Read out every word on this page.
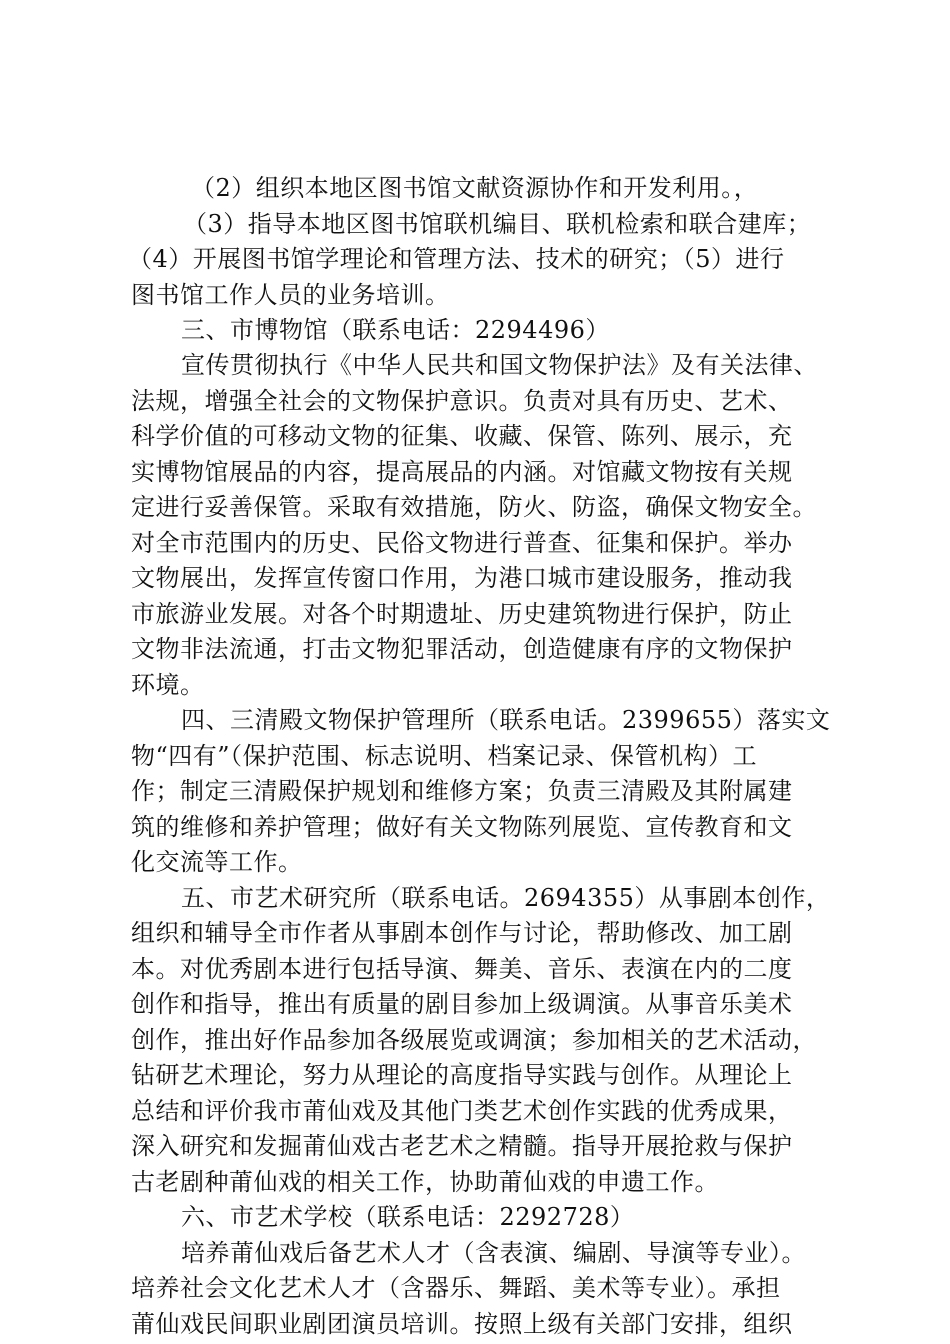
（2）组织本地区图书馆文献资源协作和开发利用。，
（3）指导本地区图书馆联机编目、联机检索和联合建库；
（4）开展图书馆学理论和管理方法、技术的研究；（5）进行
图书馆工作人员的业务培训。
三、市博物馆（联系电话：2294496）
宣传贯彻执行《中华人民共和国文物保护法》及有关法律、
法规，增强全社会的文物保护意识。负责对具有历史、艺术、
科学价值的可移动文物的征集、收藏、保管、陈列、展示，充
实博物馆展品的内容，提高展品的内涵。对馆藏文物按有关规
定进行妥善保管。采取有效措施，防火、防盗，确保文物安全。
对全市范围内的历史、民俗文物进行普查、征集和保护。举办
文物展出，发挥宣传窗口作用，为港口城市建设服务，推动我
市旅游业发展。对各个时期遗址、历史建筑物进行保护，防止
文物非法流通，打击文物犯罪活动，创造健康有序的文物保护
环境。
四、三清殿文物保护管理所（联系电话。2399655）落实文
物“四有”（保护范围、标志说明、档案记录、保管机构）工
作；制定三清殿保护规划和维修方案；负责三清殿及其附属建
筑的维修和养护管理；做好有关文物陈列展览、宣传教育和文
化交流等工作。
五、市艺术研究所（联系电话。2694355）从事剧本创作，
组织和辅导全市作者从事剧本创作与讨论，帮助修改、加工剧
本。对优秀剧本进行包括导演、舞美、音乐、表演在内的二度
创作和指导，推出有质量的剧目参加上级调演。从事音乐美术
创作，推出好作品参加各级展览或调演；参加相关的艺术活动，
钻研艺术理论，努力从理论的高度指导实践与创作。从理论上
总结和评价我市莆仙戏及其他门类艺术创作实践的优秀成果，
深入研究和发掘莆仙戏古老艺术之精髓。指导开展抢救与保护
古老剧种莆仙戏的相关工作，协助莆仙戏的申遗工作。
六、市艺术学校（联系电话：2292728）
培养莆仙戏后备艺术人才（含表演、编剧、导演等专业）。
培养社会文化艺术人才（含器乐、舞蹈、美术等专业）。承担
莆仙戏民间职业剧团演员培训。按照上级有关部门安排，组织
